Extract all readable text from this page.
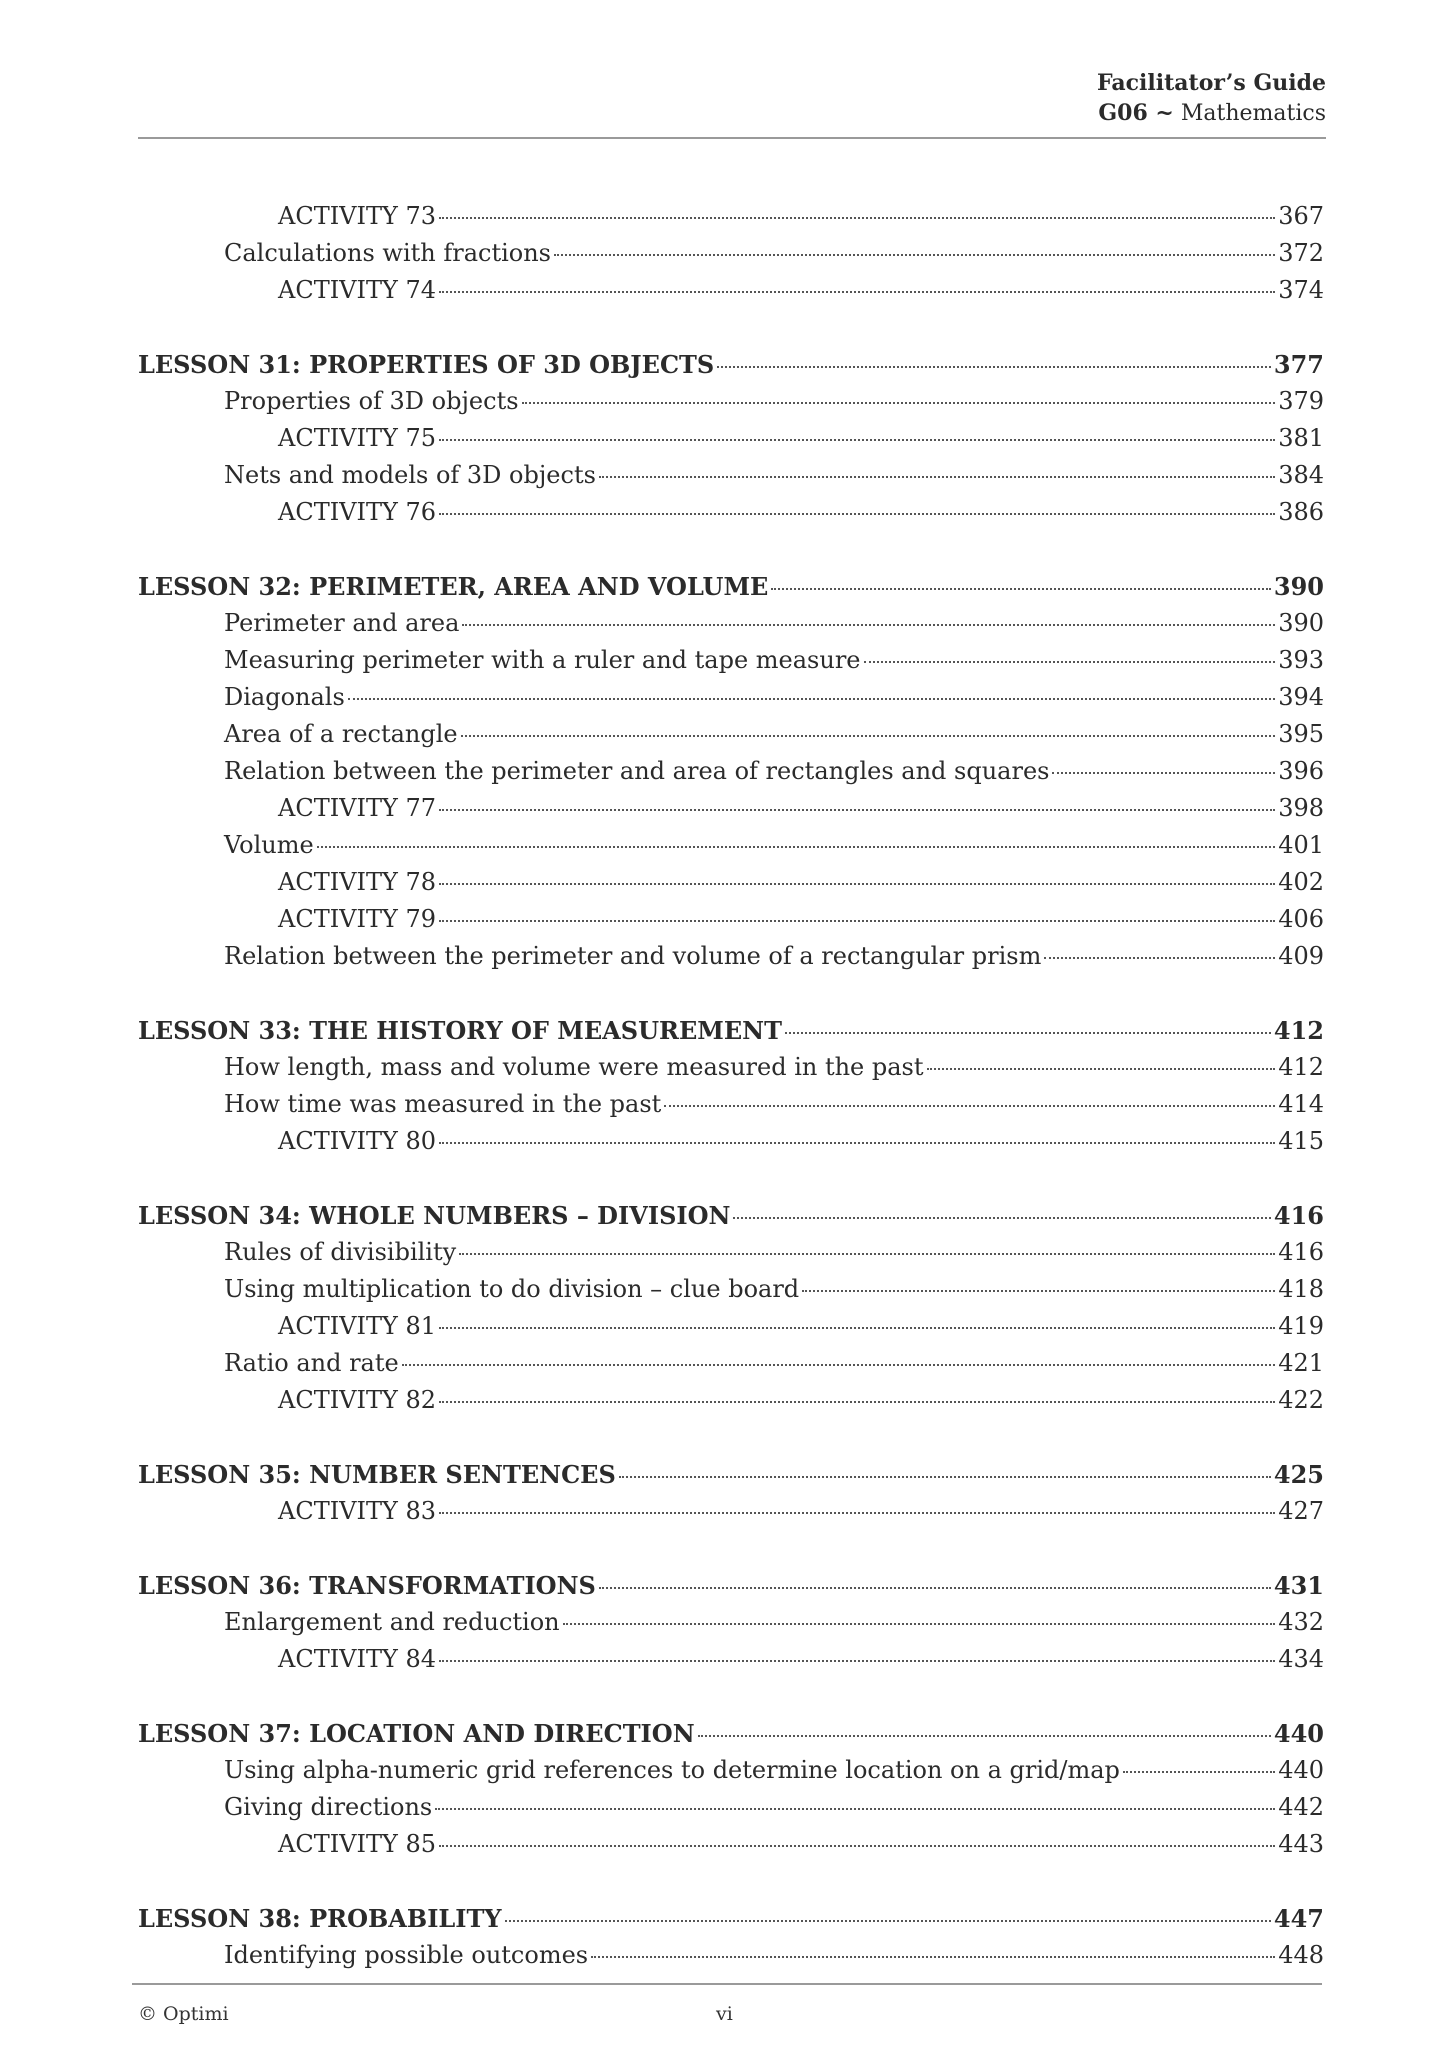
Facilitator’s Guide
G06 ~ Mathematics
ACTIVITY 73	367
Calculations with fractions	372
ACTIVITY 74	374
LESSON 31: PROPERTIES OF 3D OBJECTS	377
Properties of 3D objects	379
ACTIVITY 75	381
Nets and models of 3D objects	384
ACTIVITY 76	386
LESSON 32: PERIMETER, AREA AND VOLUME	390
Perimeter and area	390
Measuring perimeter with a ruler and tape measure	393
Diagonals	394
Area of a rectangle	395
Relation between the perimeter and area of rectangles and squares	396
ACTIVITY 77	398
Volume	401
ACTIVITY 78	402
ACTIVITY 79	406
Relation between the perimeter and volume of a rectangular prism	409
LESSON 33: THE HISTORY OF MEASUREMENT	412
How length, mass and volume were measured in the past	412
How time was measured in the past	414
ACTIVITY 80	415
LESSON 34: WHOLE NUMBERS – DIVISION	416
Rules of divisibility	416
Using multiplication to do division – clue board	418
ACTIVITY 81	419
Ratio and rate	421
ACTIVITY 82	422
LESSON 35: NUMBER SENTENCES	425
ACTIVITY 83	427
LESSON 36: TRANSFORMATIONS	431
Enlargement and reduction	432
ACTIVITY 84	434
LESSON 37: LOCATION AND DIRECTION	440
Using alpha-numeric grid references to determine location on a grid/map	440
Giving directions	442
ACTIVITY 85	443
LESSON 38: PROBABILITY	447
Identifying possible outcomes	448
© Optimi	vi
